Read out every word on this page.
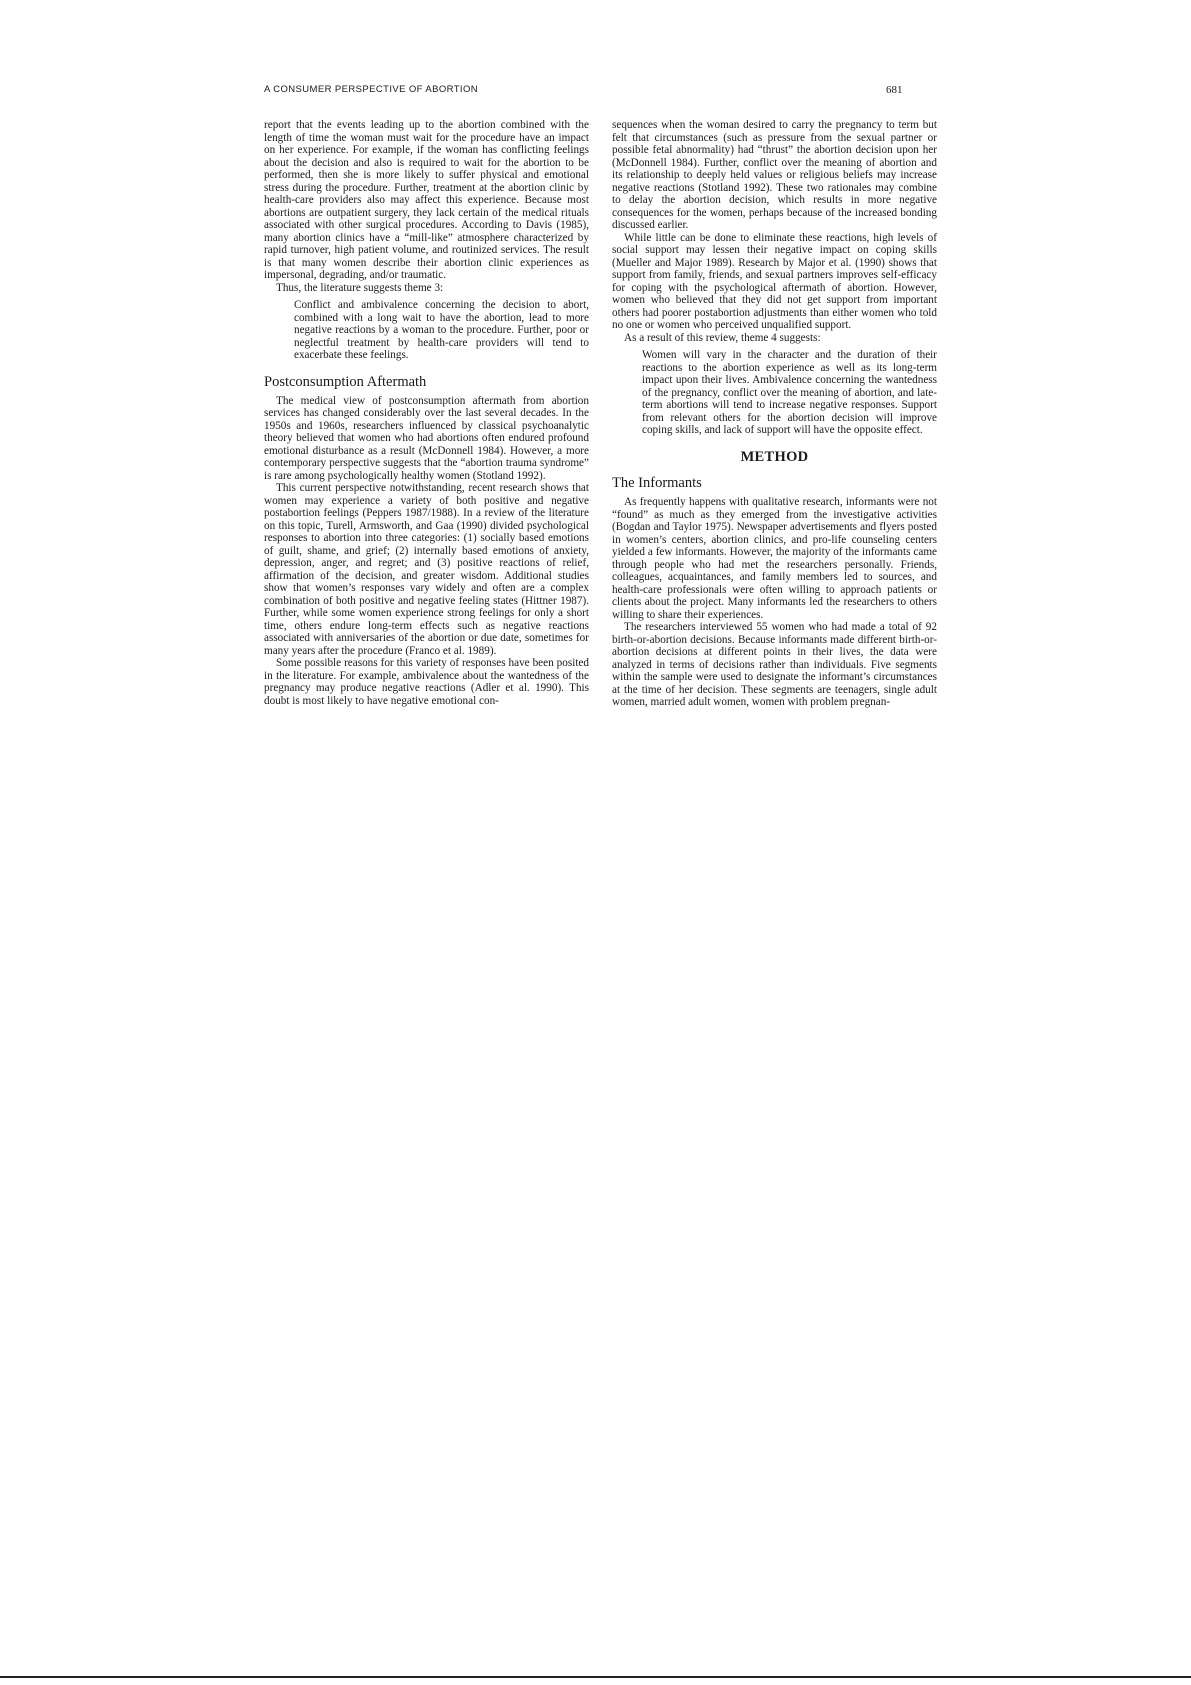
A CONSUMER PERSPECTIVE OF ABORTION	681

report that the events leading up to the abortion combined with the length of time the woman must wait for the procedure have an impact on her experience. For example, if the woman has conflicting feelings about the decision and also is required to wait for the abortion to be performed, then she is more likely to suffer physical and emotional stress during the procedure. Further, treatment at the abortion clinic by health-care providers also may affect this experience. Because most abortions are outpatient surgery, they lack certain of the medical rituals associated with other surgical procedures. According to Davis (1985), many abortion clinics have a “mill-like” atmosphere characterized by rapid turnover, high patient volume, and routinized services. The result is that many women describe their abortion clinic experiences as impersonal, degrading, and/or traumatic.

Thus, the literature suggests theme 3:

Conflict and ambivalence concerning the decision to abort, combined with a long wait to have the abortion, lead to more negative reactions by a woman to the procedure. Further, poor or neglectful treatment by health-care providers will tend to exacerbate these feelings.

Postconsumption Aftermath

The medical view of postconsumption aftermath from abortion services has changed considerably over the last several decades. In the 1950s and 1960s, researchers influenced by classical psychoanalytic theory believed that women who had abortions often endured profound emotional disturbance as a result (McDonnell 1984). However, a more contemporary perspective suggests that the “abortion trauma syndrome” is rare among psychologically healthy women (Stotland 1992).

This current perspective notwithstanding, recent research shows that women may experience a variety of both positive and negative postabortion feelings (Peppers 1987/1988). In a review of the literature on this topic, Turell, Armsworth, and Gaa (1990) divided psychological responses to abortion into three categories: (1) socially based emotions of guilt, shame, and grief; (2) internally based emotions of anxiety, depression, anger, and regret; and (3) positive reactions of relief, affirmation of the decision, and greater wisdom. Additional studies show that women’s responses vary widely and often are a complex combination of both positive and negative feeling states (Hittner 1987). Further, while some women experience strong feelings for only a short time, others endure long-term effects such as negative reactions associated with anniversaries of the abortion or due date, sometimes for many years after the procedure (Franco et al. 1989).

Some possible reasons for this variety of responses have been posited in the literature. For example, ambivalence about the wantedness of the pregnancy may produce negative reactions (Adler et al. 1990). This doubt is most likely to have negative emotional con-

sequences when the woman desired to carry the pregnancy to term but felt that circumstances (such as pressure from the sexual partner or possible fetal abnormality) had “thrust” the abortion decision upon her (McDonnell 1984). Further, conflict over the meaning of abortion and its relationship to deeply held values or religious beliefs may increase negative reactions (Stotland 1992). These two rationales may combine to delay the abortion decision, which results in more negative consequences for the women, perhaps because of the increased bonding discussed earlier.

While little can be done to eliminate these reactions, high levels of social support may lessen their negative impact on coping skills (Mueller and Major 1989). Research by Major et al. (1990) shows that support from family, friends, and sexual partners improves self-efficacy for coping with the psychological aftermath of abortion. However, women who believed that they did not get support from important others had poorer postabortion adjustments than either women who told no one or women who perceived unqualified support.

As a result of this review, theme 4 suggests:

Women will vary in the character and the duration of their reactions to the abortion experience as well as its long-term impact upon their lives. Ambivalence concerning the wantedness of the pregnancy, conflict over the meaning of abortion, and late-term abortions will tend to increase negative responses. Support from relevant others for the abortion decision will improve coping skills, and lack of support will have the opposite effect.

METHOD
The Informants

As frequently happens with qualitative research, informants were not “found” as much as they emerged from the investigative activities (Bogdan and Taylor 1975). Newspaper advertisements and flyers posted in women’s centers, abortion clinics, and pro-life counseling centers yielded a few informants. However, the majority of the informants came through people who had met the researchers personally. Friends, colleagues, acquaintances, and family members led to sources, and health-care professionals were often willing to approach patients or clients about the project. Many informants led the researchers to others willing to share their experiences.

The researchers interviewed 55 women who had made a total of 92 birth-or-abortion decisions. Because informants made different birth-or-abortion decisions at different points in their lives, the data were analyzed in terms of decisions rather than individuals. Five segments within the sample were used to designate the informant’s circumstances at the time of her decision. These segments are teenagers, single adult women, married adult women, women with problem pregnan-
